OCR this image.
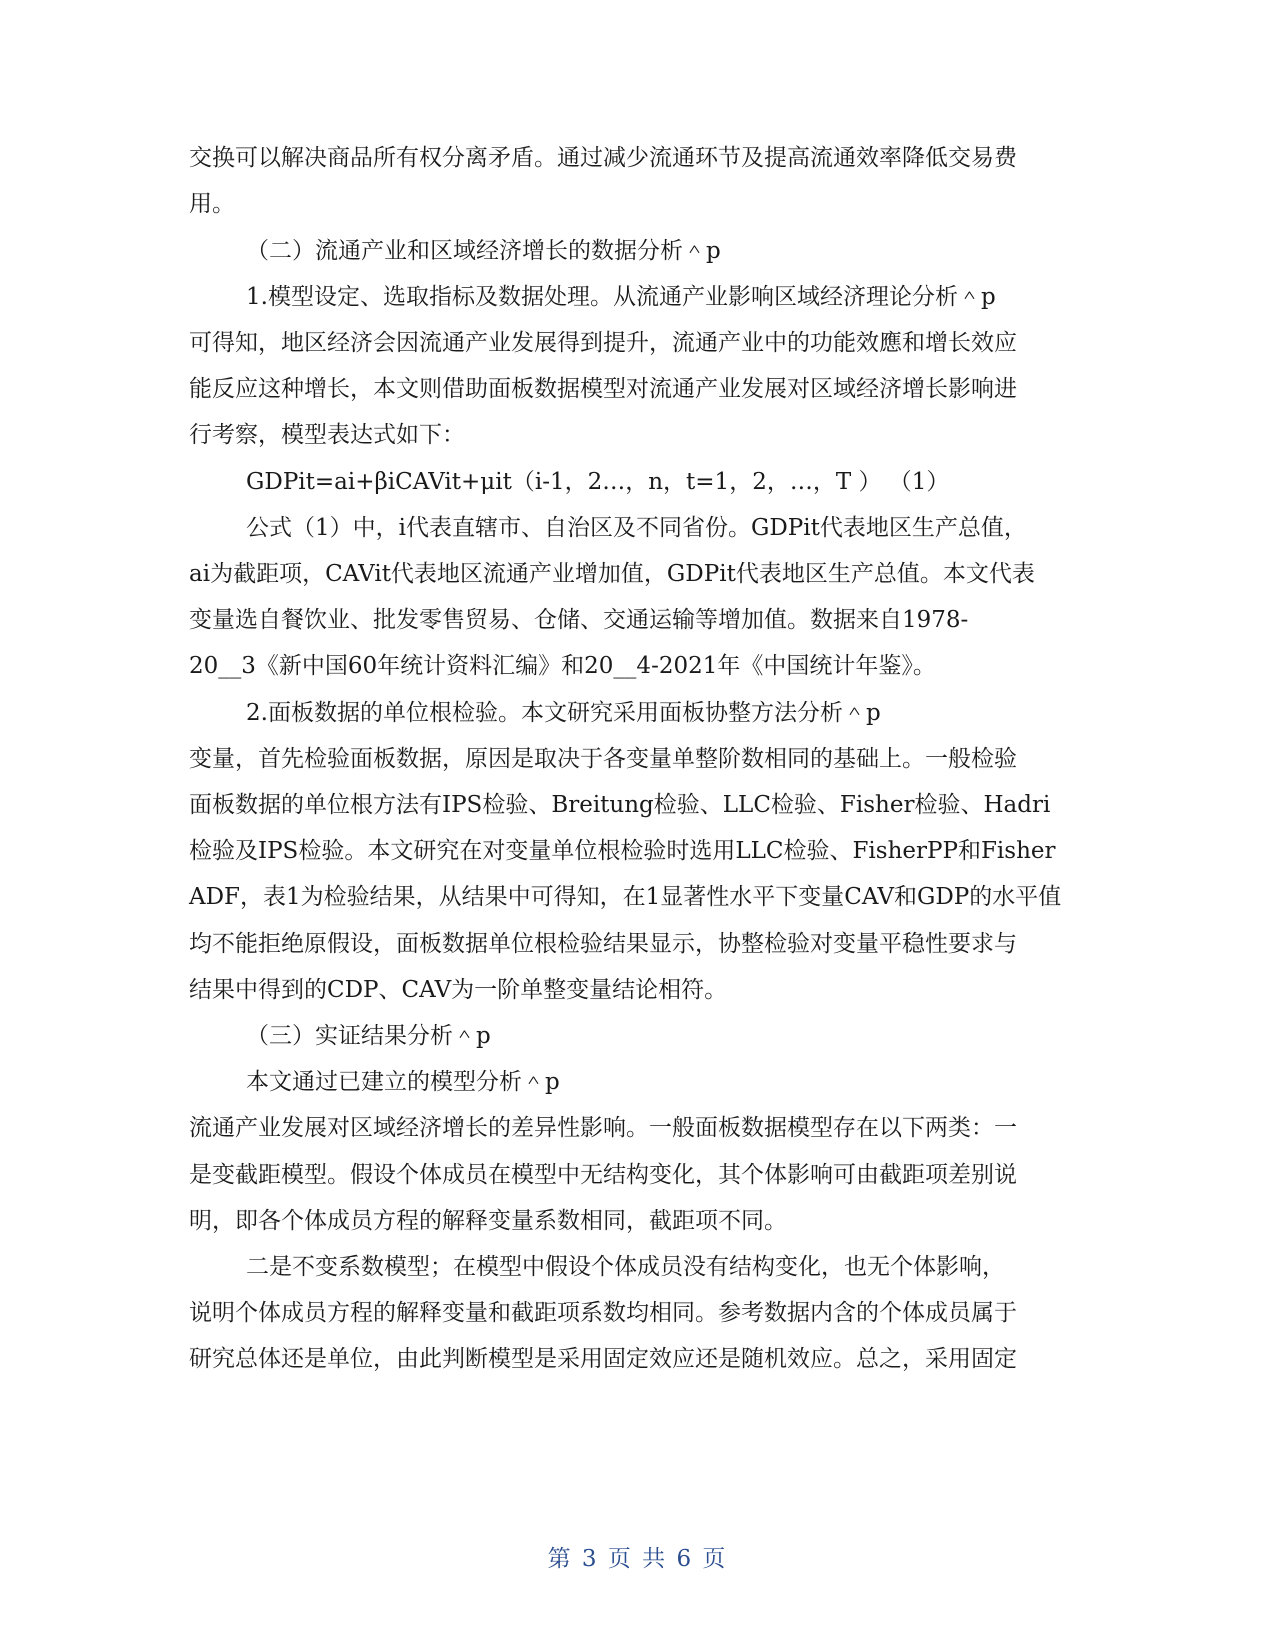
交换可以解决商品所有权分离矛盾。通过减少流通环节及提高流通效率降低交易费
用。
（二）流通产业和区域经济增长的数据分析＾p
1.模型设定、选取指标及数据处理。从流通产业影响区域经济理论分析＾p
可得知，地区经济会因流通产业发展得到提升，流通产业中的功能效應和增长效应
能反应这种增长，本文则借助面板数据模型对流通产业发展对区域经济增长影响进
行考察，模型表达式如下：
GDPit=ai+βiCAVit+μit（i-1，2…，n，t=1，2，…，T ） （1）
公式（1）中，i代表直辖市、自治区及不同省份。GDPit代表地区生产总值，
ai为截距项，CAVit代表地区流通产业增加值，GDPit代表地区生产总值。本文代表
变量选自餐饮业、批发零售贸易、仓储、交通运输等增加值。数据来自1978-
20__3《新中国60年统计资料汇编》和20__4-2021年《中国统计年鉴》。
2.面板数据的单位根检验。本文研究采用面板协整方法分析＾p
变量，首先检验面板数据，原因是取决于各变量单整阶数相同的基础上。一般检验
面板数据的单位根方法有IPS检验、Breitung检验、LLC检验、Fisher检验、Hadri
检验及IPS检验。本文研究在对变量单位根检验时选用LLC检验、FisherPP和Fisher
ADF，表1为检验结果，从结果中可得知，在1显著性水平下变量CAV和GDP的水平值
均不能拒绝原假设，面板数据单位根检验结果显示，协整检验对变量平稳性要求与
结果中得到的CDP、CAV为一阶单整变量结论相符。
（三）实证结果分析＾p
本文通过已建立的模型分析＾p
流通产业发展对区域经济增长的差异性影响。一般面板数据模型存在以下两类：一
是变截距模型。假设个体成员在模型中无结构变化，其个体影响可由截距项差别说
明，即各个体成员方程的解释变量系数相同，截距项不同。
二是不变系数模型；在模型中假设个体成员没有结构变化，也无个体影响，
说明个体成员方程的解释变量和截距项系数均相同。参考数据内含的个体成员属于
研究总体还是单位，由此判断模型是采用固定效应还是随机效应。总之，采用固定
第 3 页 共 6 页
